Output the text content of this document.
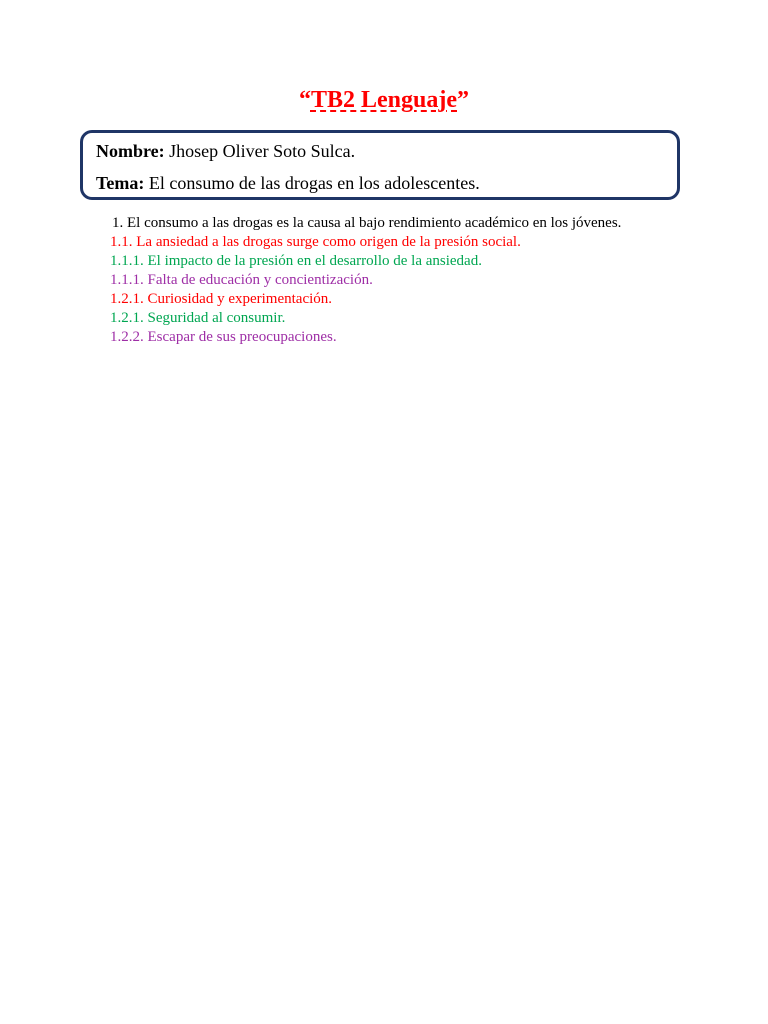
“TB2 Lenguaje”
Nombre: Jhosep Oliver Soto Sulca.
Tema: El consumo de las drogas en los adolescentes.
1. El consumo a las drogas es la causa al bajo rendimiento académico en los jóvenes.
1.1. La ansiedad a las drogas surge como origen de la presión social.
1.1.1. El impacto de la presión en el desarrollo de la ansiedad.
1.1.1. Falta de educación y concientización.
1.2.1. Curiosidad y experimentación.
1.2.1. Seguridad al consumir.
1.2.2. Escapar de sus preocupaciones.
